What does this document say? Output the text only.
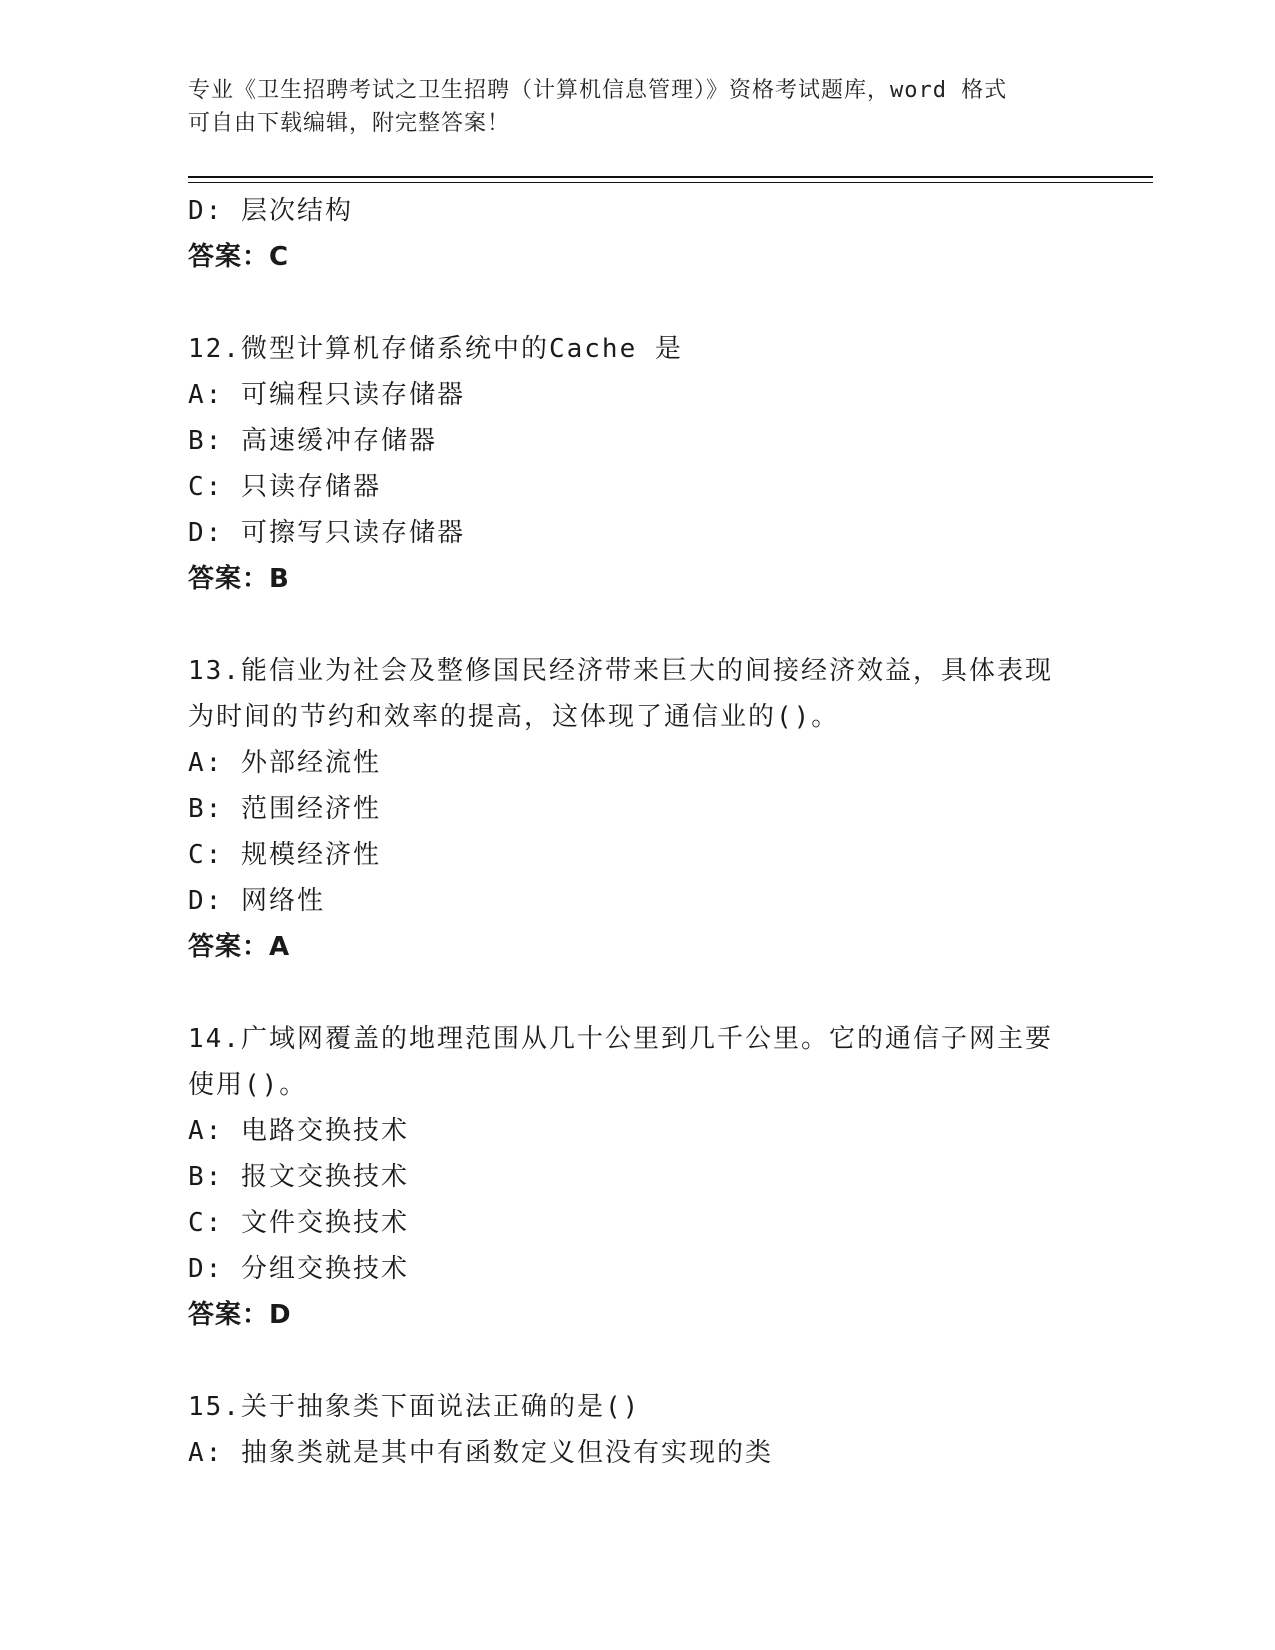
专业《卫生招聘考试之卫生招聘（计算机信息管理）》资格考试题库，word 格式
可自由下载编辑，附完整答案！
D: 层次结构
答案：C
12.微型计算机存储系统中的Cache 是
A: 可编程只读存储器
B: 高速缓冲存储器
C: 只读存储器
D: 可擦写只读存储器
答案：B
13.能信业为社会及整修国民经济带来巨大的间接经济效益，具体表现
为时间的节约和效率的提高，这体现了通信业的()。
A: 外部经流性
B: 范围经济性
C: 规模经济性
D: 网络性
答案：A
14.广域网覆盖的地理范围从几十公里到几千公里。它的通信子网主要
使用()。
A: 电路交换技术
B: 报文交换技术
C: 文件交换技术
D: 分组交换技术
答案：D
15.关于抽象类下面说法正确的是()
A: 抽象类就是其中有函数定义但没有实现的类
